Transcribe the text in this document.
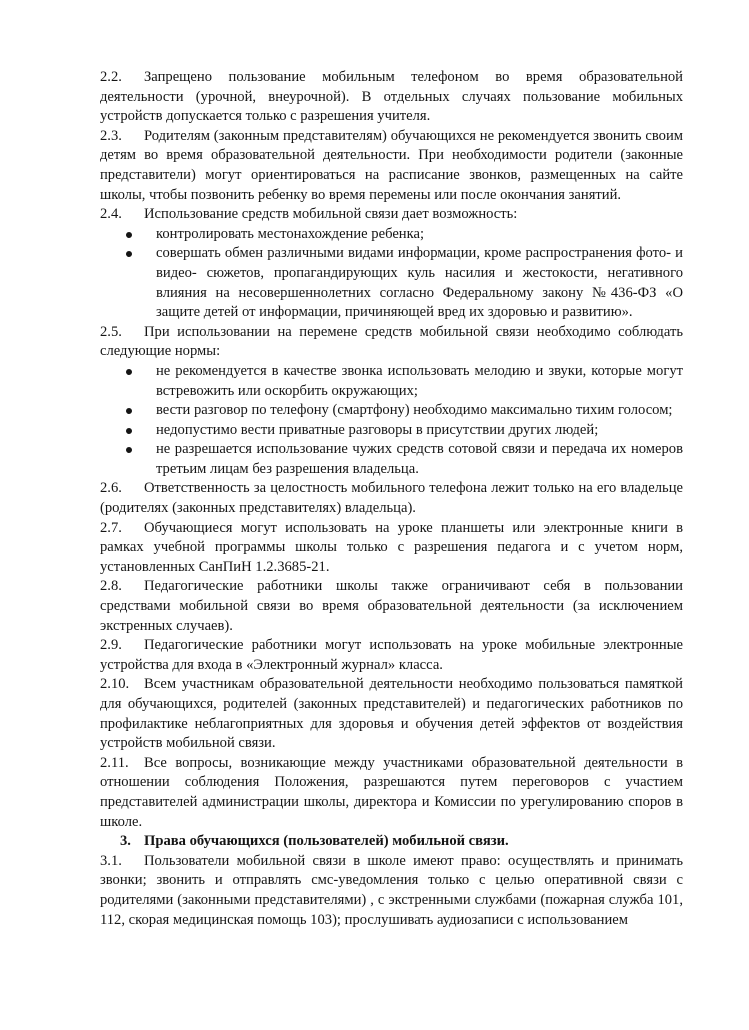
2.2. Запрещено пользование мобильным телефоном во время образовательной деятельности (урочной, внеурочной). В отдельных случаях пользование мобильных устройств допускается только с разрешения учителя.

2.3. Родителям (законным представителям) обучающихся не рекомендуется звонить своим детям во время образовательной деятельности. При необходимости родители (законные представители) могут ориентироваться на расписание звонков, размещенных на сайте школы, чтобы позвонить ребенку во время перемены или после окончания занятий.

2.4. Использование средств мобильной связи дает возможность:

контролировать местонахождение ребенка;
совершать обмен различными видами информации, кроме распространения фото- и видео- сюжетов, пропагандирующих куль насилия и жестокости, негативного влияния на несовершеннолетних согласно Федеральному закону №436-ФЗ «О защите детей от информации, причиняющей вред их здоровью и развитию».

2.5. При использовании на перемене средств мобильной связи необходимо соблюдать следующие нормы:

не рекомендуется в качестве звонка использовать мелодию и звуки, которые могут встревожить или оскорбить окружающих;
вести разговор по телефону (смартфону) необходимо максимально тихим голосом;
недопустимо вести приватные разговоры в присутствии других людей;
не разрешается использование чужих средств сотовой связи и передача их номеров третьим лицам без разрешения владельца.

2.6. Ответственность за целостность мобильного телефона лежит только на его владельце (родителях (законных представителях) владельца).

2.7. Обучающиеся могут использовать на уроке планшеты или электронные книги в рамках учебной программы школы только с разрешения педагога и с учетом норм, установленных СанПиН 1.2.3685-21.

2.8. Педагогические работники школы также ограничивают себя в пользовании средствами мобильной связи во время образовательной деятельности (за исключением экстренных случаев).

2.9. Педагогические работники могут использовать на уроке мобильные электронные устройства для входа в «Электронный журнал» класса.

2.10. Всем участникам образовательной деятельности необходимо пользоваться памяткой для обучающихся, родителей (законных представителей) и педагогических работников по профилактике неблагоприятных для здоровья и обучения детей эффектов от воздействия устройств мобильной связи.

2.11. Все вопросы, возникающие между участниками образовательной деятельности в отношении соблюдения Положения, разрешаются путем переговоров с участием представителей администрации школы, директора и Комиссии по урегулированию споров в школе.

3. Права обучающихся (пользователей) мобильной связи.

3.1. Пользователи мобильной связи в школе имеют право: осуществлять и принимать звонки; звонить и отправлять смс-уведомления только с целью оперативной связи с родителями (законными представителями) , с экстренными службами (пожарная служба 101, 112, скорая медицинская помощь 103); прослушивать аудиозаписи с использованием
